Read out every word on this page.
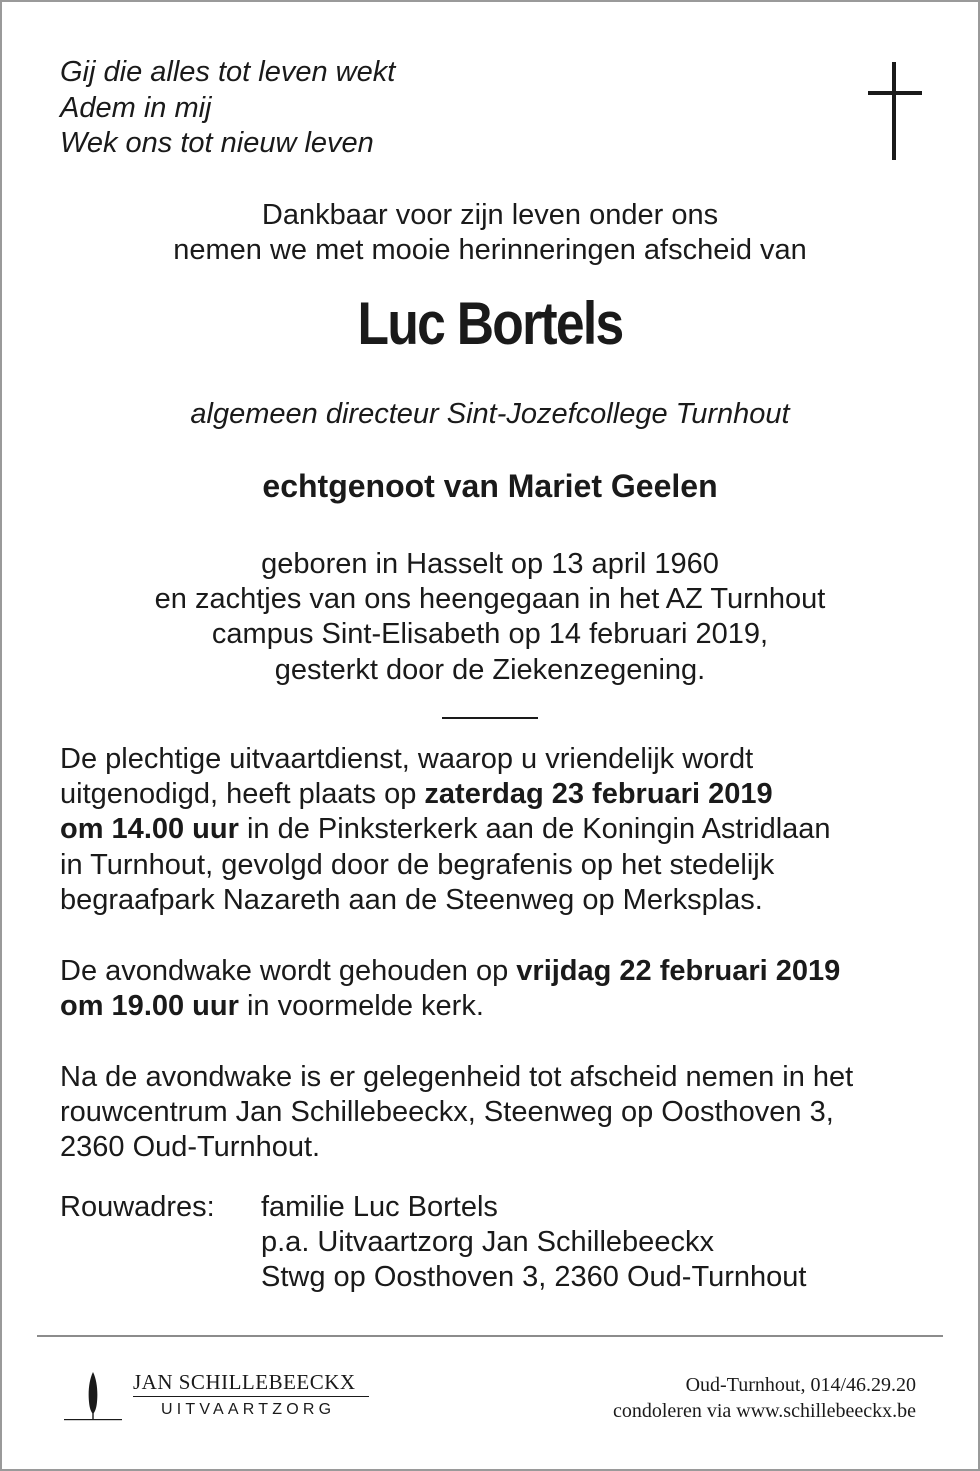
Gij die alles tot leven wekt
Adem in mij
Wek ons tot nieuw leven
Dankbaar voor zijn leven onder ons
nemen we met mooie herinneringen afscheid van
Luc Bortels
algemeen directeur Sint-Jozefcollege Turnhout
echtgenoot van Mariet Geelen
geboren in Hasselt op 13 april 1960
en zachtjes van ons heengegaan in het AZ Turnhout
campus Sint-Elisabeth op 14 februari 2019,
gesterkt door de Ziekenzegening.
De plechtige uitvaartdienst, waarop u vriendelijk wordt
uitgenodigd, heeft plaats op zaterdag 23 februari 2019
om 14.00 uur in de Pinksterkerk aan de Koningin Astridlaan
in Turnhout, gevolgd door de begrafenis op het stedelijk
begraafpark Nazareth aan de Steenweg op Merksplas.
De avondwake wordt gehouden op vrijdag 22 februari 2019
om 19.00 uur in voormelde kerk.
Na de avondwake is er gelegenheid tot afscheid nemen in het
rouwcentrum Jan Schillebeeckx, Steenweg op Oosthoven 3,
2360 Oud-Turnhout.
Rouwadres: familie Luc Bortels
p.a. Uitvaartzorg Jan Schillebeeckx
Stwg op Oosthoven 3, 2360 Oud-Turnhout
JAN SCHILLEBEECKX
UITVAARTZORG
Oud-Turnhout, 014/46.29.20
condoleren via www.schillebeeckx.be
